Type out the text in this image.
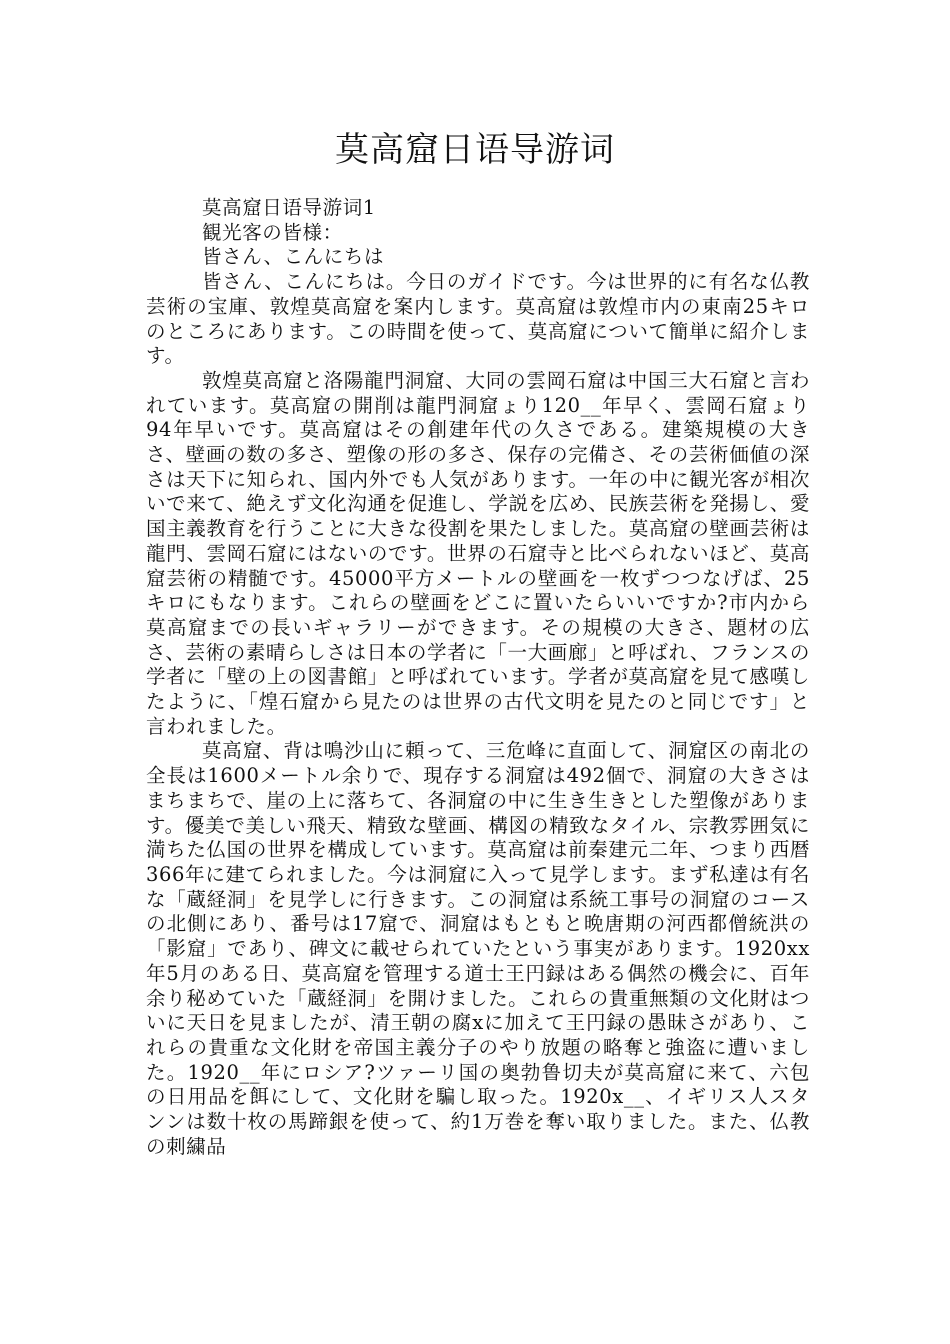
莫高窟日语导游词

莫高窟日语导游词1

観光客の皆様：

皆さん、こんにちは

皆さん、こんにちは。今日のガイドです。今は世界的に有名な仏教芸術の宝庫、敦煌莫高窟を案内します。莫高窟は敦煌市内の東南25キロのところにあります。この時間を使って、莫高窟について簡単に紹介します。

敦煌莫高窟と洛陽龍門洞窟、大同の雲岡石窟は中国三大石窟と言われています。莫高窟の開削は龍門洞窟ょり120__年早く、雲岡石窟ょり94年早いです。莫高窟はその創建年代の久さである。建築規模の大きさ、壁画の数の多さ、塑像の形の多さ、保存の完備さ、その芸術価値の深さは天下に知られ、国内外でも人気があります。一年の中に観光客が相次いで来て、絶えず文化沟通を促進し、学説を広め、民族芸術を発揚し、愛国主義教育を行うことに大きな役割を果たしました。莫高窟の壁画芸術は龍門、雲岡石窟にはないのです。世界の石窟寺と比べられないほど、莫高窟芸術の精髄です。45000平方メートルの壁画を一枚ずつつなげば、25キロにもなります。これらの壁画をどこに置いたらいいですか?市内から莫高窟までの長いギャラリーができます。その規模の大きさ、題材の広さ、芸術の素晴らしさは日本の学者に「一大画廊」と呼ばれ、フランスの学者に「壁の上の図書館」と呼ばれています。学者が莫高窟を見て感嘆したように、「煌石窟から見たのは世界の古代文明を見たのと同じです」と言われました。

莫高窟、背は鳴沙山に頼って、三危峰に直面して、洞窟区の南北の全長は1600メートル余りで、現存する洞窟は492個で、洞窟の大きさはまちまちで、崖の上に落ちて、各洞窟の中に生き生きとした塑像があります。優美で美しい飛天、精致な壁画、構図の精致なタイル、宗教雰囲気に満ちた仏国の世界を構成しています。莫高窟は前秦建元二年、つまり西暦366年に建てられました。今は洞窟に入って見学します。まず私達は有名な「蔵経洞」を見学しに行きます。この洞窟は系統工事号の洞窟のコースの北側にあり、番号は17窟で、洞窟はもともと晩唐期の河西都僧統洪の「影窟」であり、碑文に載せられていたという事実があります。1920xx年5月のある日、莫高窟を管理する道士王円録はある偶然の機会に、百年余り秘めていた「蔵経洞」を開けました。これらの貴重無類の文化財はついに天日を見ましたが、清王朝の腐xに加えて王円録の愚昧さがあり、これらの貴重な文化財を帝国主義分子のやり放題の略奪と強盗に遭いました。1920__年にロシア?ツァーリ国の奥勃鲁切夫が莫高窟に来て、六包の日用品を餌にして、文化財を騙し取った。1920x__、イギリス人スタンンは数十枚の馬蹄銀を使って、約1万巻を奪い取りました。また、仏教の刺繍品
